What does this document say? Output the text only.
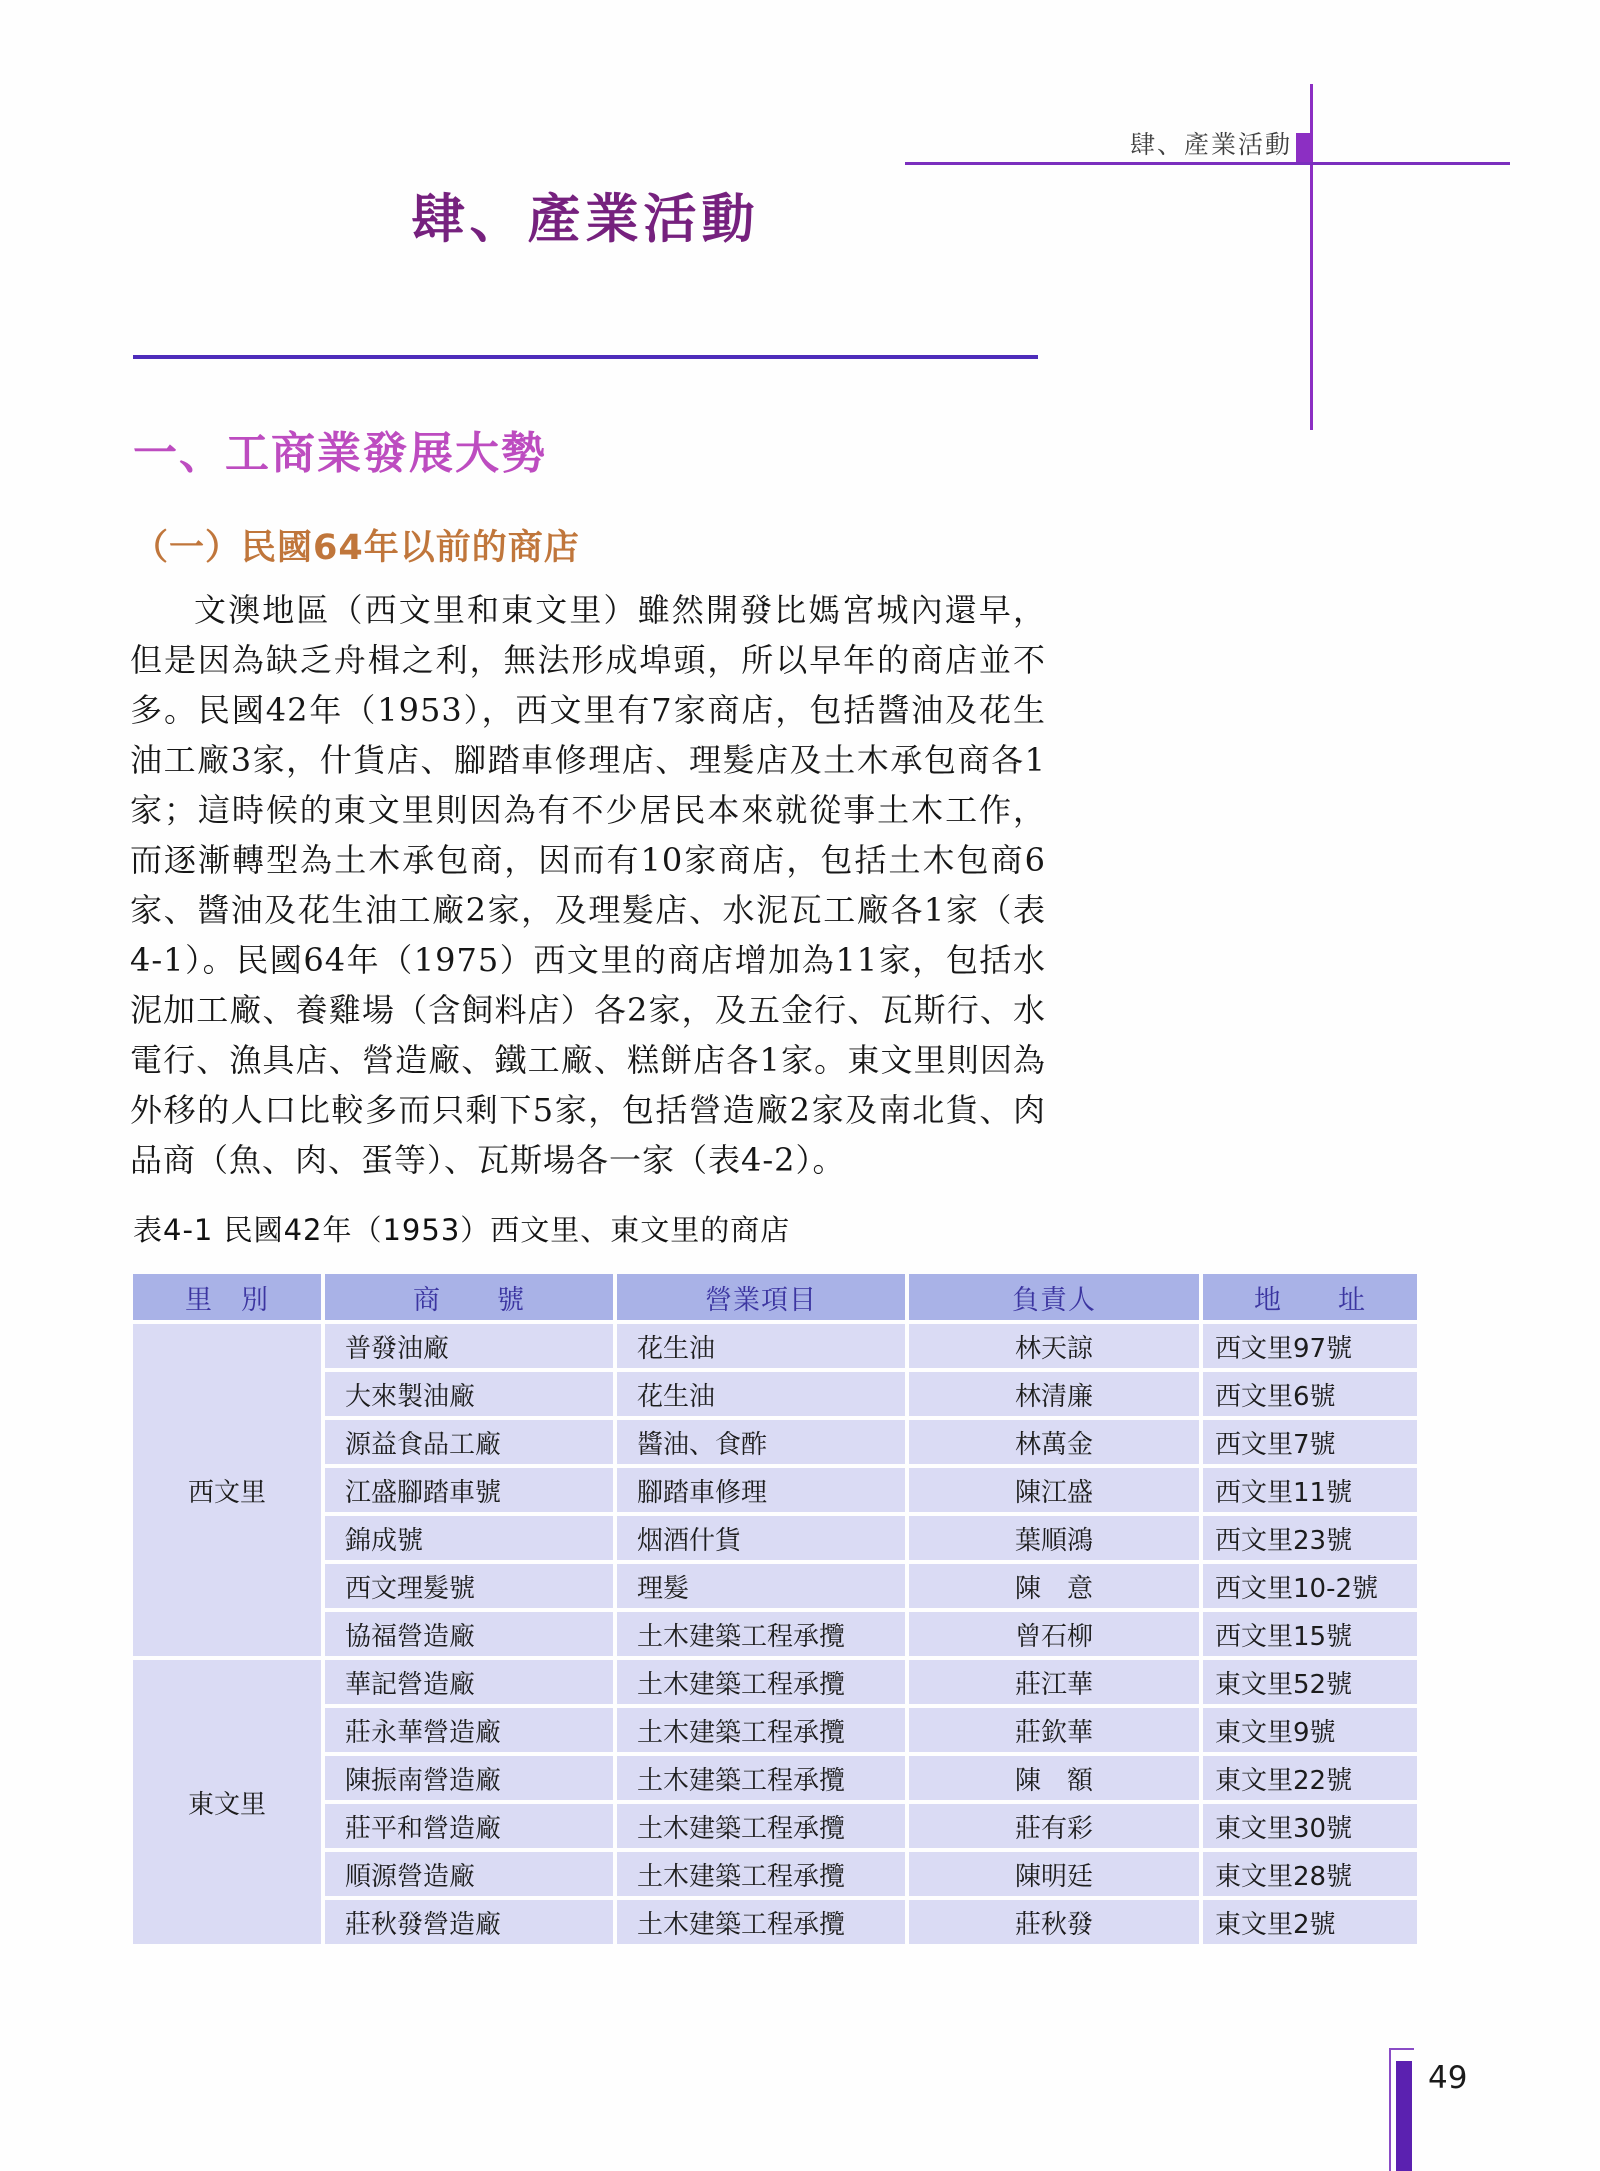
肆、產業活動
肆、產業活動
一、工商業發展大勢
（一）民國64年以前的商店
文澳地區（西文里和東文里）雖然開發比媽宮城內還早，但是因為缺乏舟楫之利，無法形成埠頭，所以早年的商店並不多。民國42年（1953），西文里有7家商店，包括醬油及花生油工廠3家，什貨店、腳踏車修理店、理髮店及土木承包商各1家；這時候的東文里則因為有不少居民本來就從事土木工作，而逐漸轉型為土木承包商，因而有10家商店，包括土木包商6家、醬油及花生油工廠2家，及理髮店、水泥瓦工廠各1家（表4-1）。民國64年（1975）西文里的商店增加為11家，包括水泥加工廠、養雞場（含飼料店）各2家，及五金行、瓦斯行、水電行、漁具店、營造廠、鐵工廠、糕餅店各1家。東文里則因為外移的人口比較多而只剩下5家，包括營造廠2家及南北貨、肉品商（魚、肉、蛋等）、瓦斯場各一家（表4-2）。
表4-1 民國42年（1953）西文里、東文里的商店
里　別	商　　號	營業項目	負責人	地　　址
西文里	普發油廠	花生油	林天諒	西文里97號
	大來製油廠	花生油	林清廉	西文里6號
	源益食品工廠	醬油、食酢	林萬金	西文里7號
	江盛腳踏車號	腳踏車修理	陳江盛	西文里11號
	錦成號	烟酒什貨	葉順鴻	西文里23號
	西文理髮號	理髮	陳　意	西文里10-2號
	協福營造廠	土木建築工程承攬	曾石柳	西文里15號
東文里	華記營造廠	土木建築工程承攬	莊江華	東文里52號
	莊永華營造廠	土木建築工程承攬	莊欽華	東文里9號
	陳振南營造廠	土木建築工程承攬	陳　額	東文里22號
	莊平和營造廠	土木建築工程承攬	莊有彩	東文里30號
	順源營造廠	土木建築工程承攬	陳明廷	東文里28號
	莊秋發營造廠	土木建築工程承攬	莊秋發	東文里2號
49
